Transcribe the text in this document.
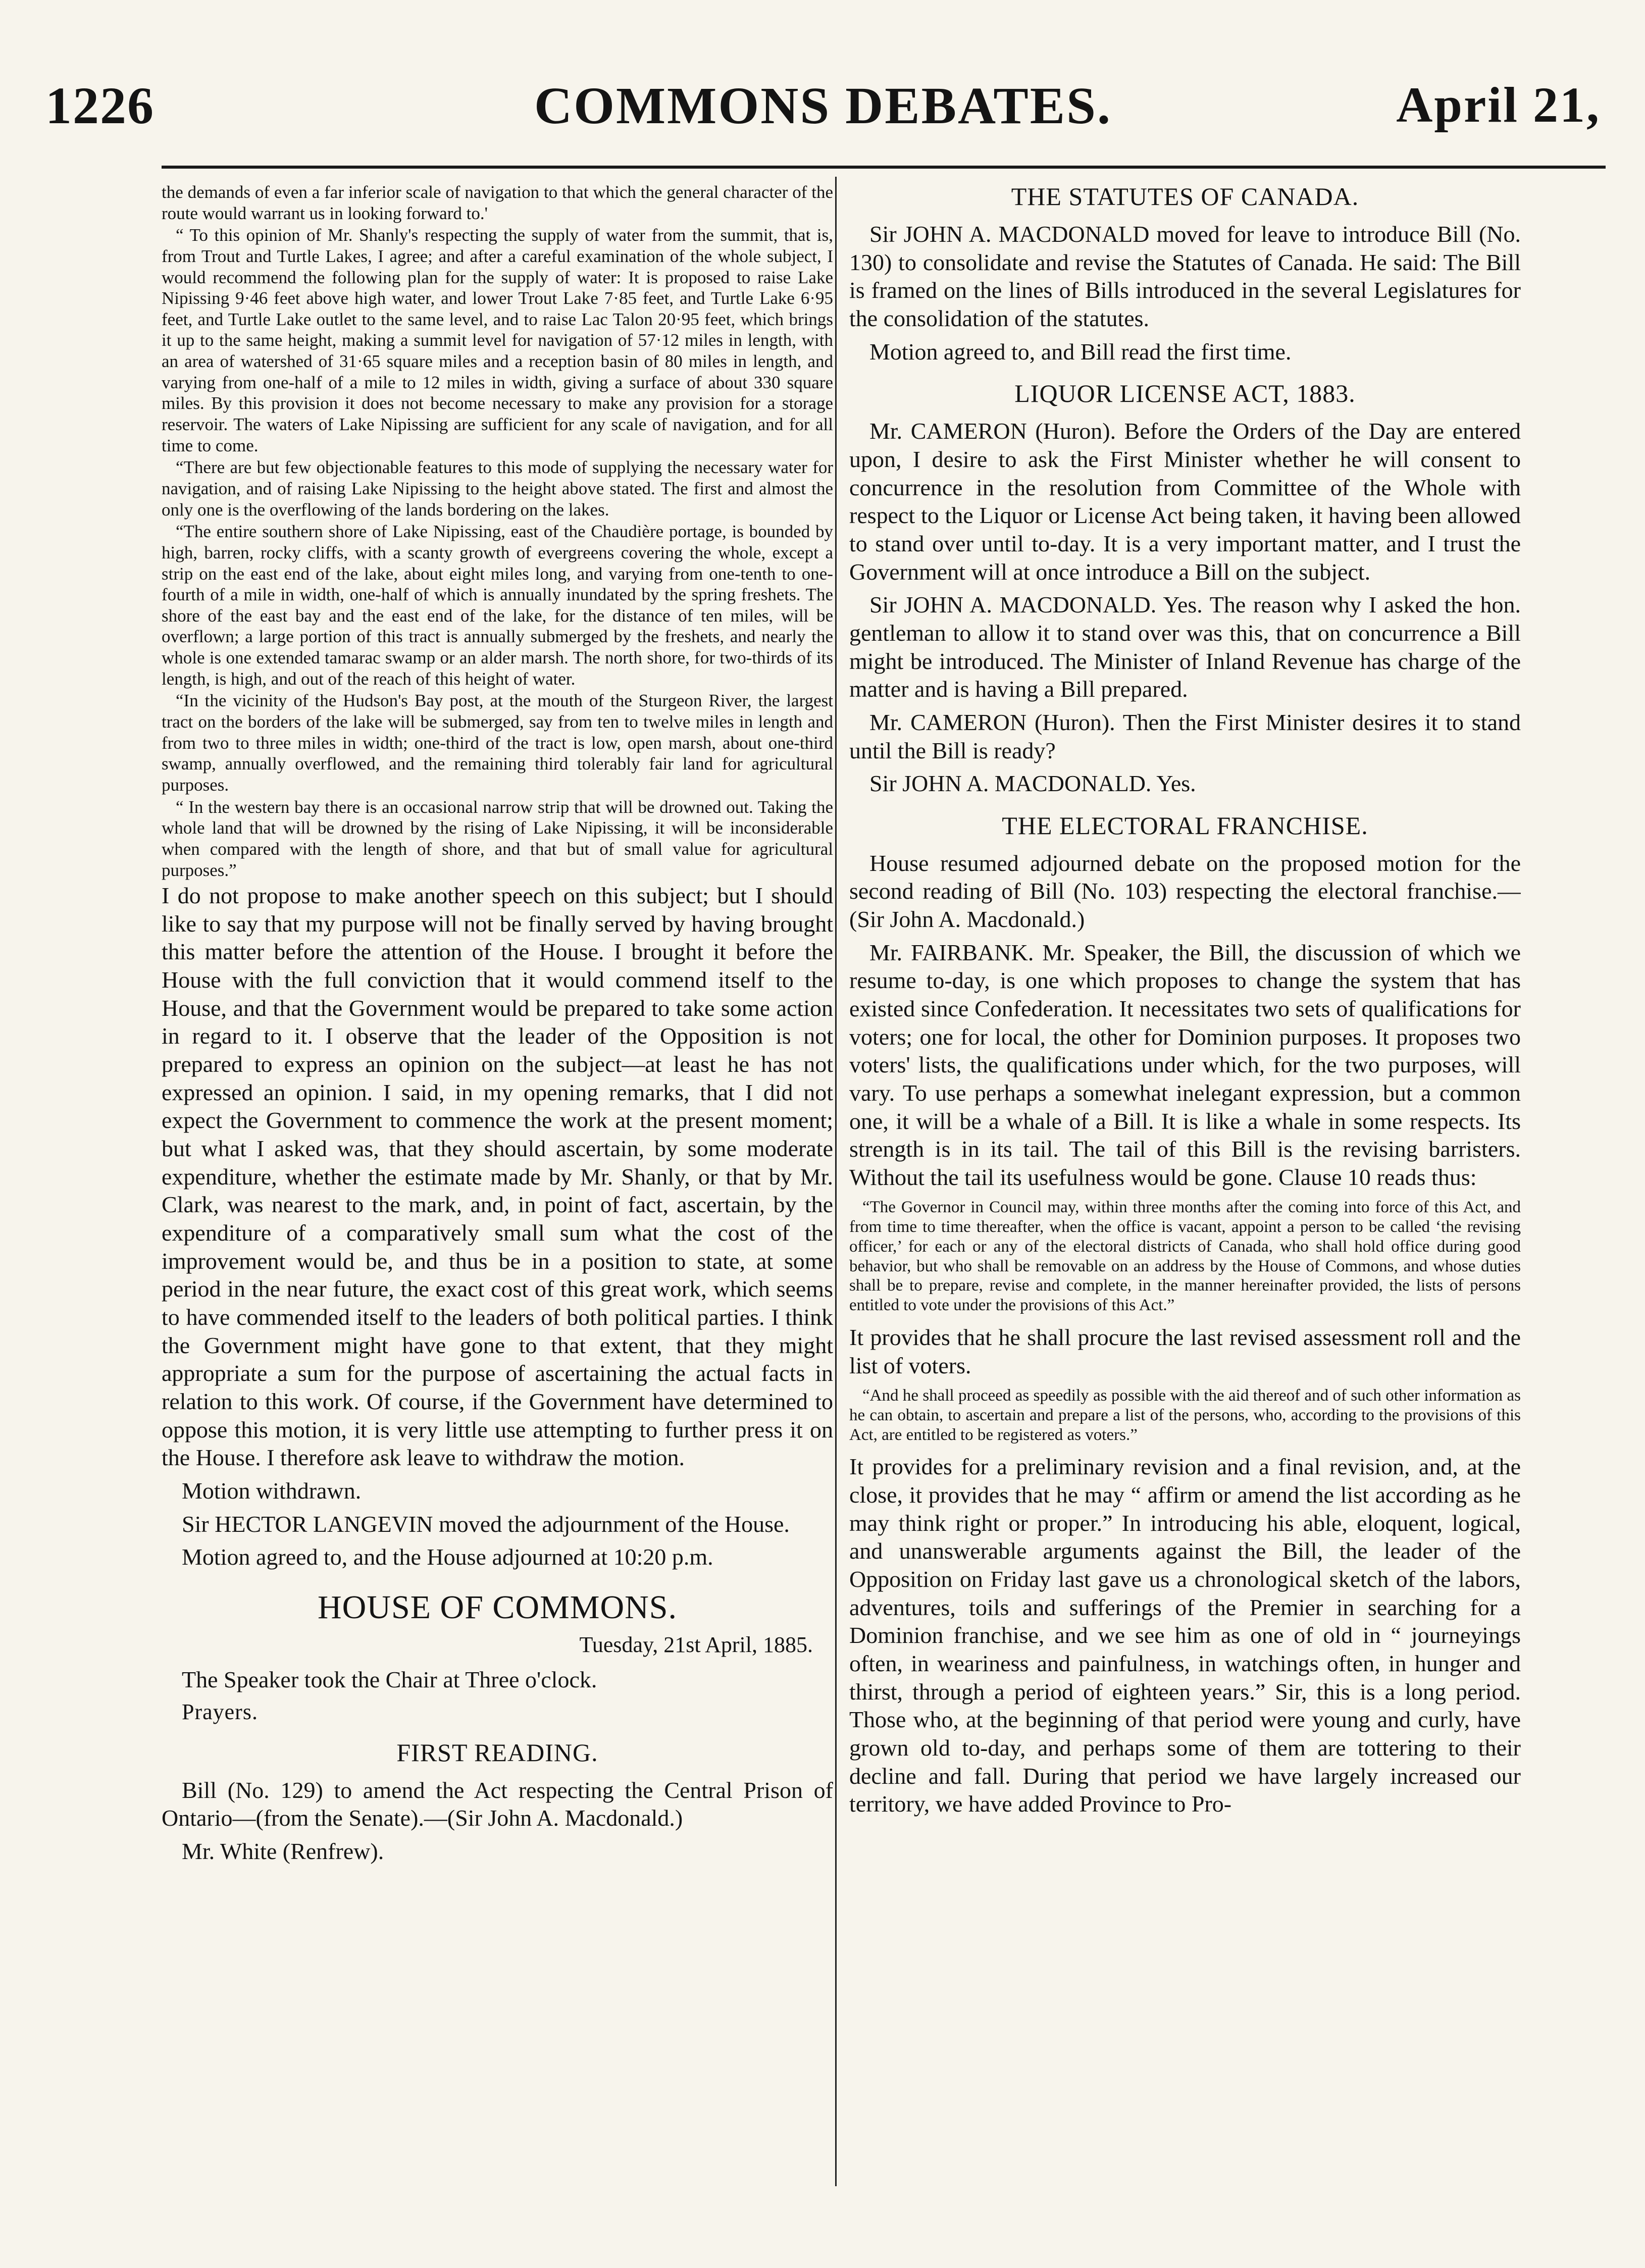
1226	COMMONS DEBATES.	April 21,

the demands of even a far inferior scale of navigation to that which the general character of the route would warrant us in looking forward to.'

“ To this opinion of Mr. Shanly's respecting the supply of water from the summit, that is, from Trout and Turtle Lakes, I agree; and after a careful examination of the whole subject, I would recommend the following plan for the supply of water: It is proposed to raise Lake Nipissing 9·46 feet above high water, and lower Trout Lake 7·85 feet, and Turtle Lake 6·95 feet, and Turtle Lake outlet to the same level, and to raise Lac Talon 20·95 feet, which brings it up to the same height, making a summit level for navigation of 57·12 miles in length, with an area of watershed of 31·65 square miles and a reception basin of 80 miles in length, and varying from one-half of a mile to 12 miles in width, giving a surface of about 330 square miles. By this provision it does not become necessary to make any provision for a storage reservoir. The waters of Lake Nipissing are sufficient for any scale of navigation, and for all time to come.

“There are but few objectionable features to this mode of supplying the necessary water for navigation, and of raising Lake Nipissing to the height above stated. The first and almost the only one is the overflowing of the lands bordering on the lakes.

“The entire southern shore of Lake Nipissing, east of the Chaudière portage, is bounded by high, barren, rocky cliffs, with a scanty growth of evergreens covering the whole, except a strip on the east end of the lake, about eight miles long, and varying from one-tenth to one-fourth of a mile in width, one-half of which is annually inundated by the spring freshets. The shore of the east bay and the east end of the lake, for the distance of ten miles, will be overflown; a large portion of this tract is annually submerged by the freshets, and nearly the whole is one extended tamarac swamp or an alder marsh. The north shore, for two-thirds of its length, is high, and out of the reach of this height of water.

“In the vicinity of the Hudson's Bay post, at the mouth of the Sturgeon River, the largest tract on the borders of the lake will be submerged, say from ten to twelve miles in length and from two to three miles in width; one-third of the tract is low, open marsh, about one-third swamp, annually overflowed, and the remaining third tolerably fair land for agricultural purposes.

“ In the western bay there is an occasional narrow strip that will be drowned out. Taking the whole land that will be drowned by the rising of Lake Nipissing, it will be inconsiderable when compared with the length of shore, and that but of small value for agricultural purposes.”

I do not propose to make another speech on this subject; but I should like to say that my purpose will not be finally served by having brought this matter before the attention of the House. I brought it before the House with the full conviction that it would commend itself to the House, and that the Government would be prepared to take some action in regard to it. I observe that the leader of the Opposition is not prepared to express an opinion on the subject—at least he has not expressed an opinion. I said, in my opening remarks, that I did not expect the Government to commence the work at the present moment; but what I asked was, that they should ascertain, by some moderate expenditure, whether the estimate made by Mr. Shanly, or that by Mr. Clark, was nearest to the mark, and, in point of fact, ascertain, by the expenditure of a comparatively small sum what the cost of the improvement would be, and thus be in a position to state, at some period in the near future, the exact cost of this great work, which seems to have commended itself to the leaders of both political parties. I think the Government might have gone to that extent, that they might appropriate a sum for the purpose of ascertaining the actual facts in relation to this work. Of course, if the Government have determined to oppose this motion, it is very little use attempting to further press it on the House. I therefore ask leave to withdraw the motion.

Motion withdrawn.

Sir HECTOR LANGEVIN moved the adjournment of the House.

Motion agreed to, and the House adjourned at 10:20 p.m.

HOUSE OF COMMONS.
Tuesday, 21st April, 1885.

The Speaker took the Chair at Three o'clock.

Prayers.
FIRST READING.

Bill (No. 129) to amend the Act respecting the Central Prison of Ontario—(from the Senate).—(Sir John A. Macdonald.)

Mr. White (Renfrew).

THE STATUTES OF CANADA.

Sir JOHN A. MACDONALD moved for leave to introduce Bill (No. 130) to consolidate and revise the Statutes of Canada. He said: The Bill is framed on the lines of Bills introduced in the several Legislatures for the consolidation of the statutes.

Motion agreed to, and Bill read the first time.

LIQUOR LICENSE ACT, 1883.

Mr. CAMERON (Huron). Before the Orders of the Day are entered upon, I desire to ask the First Minister whether he will consent to concurrence in the resolution from Committee of the Whole with respect to the Liquor or License Act being taken, it having been allowed to stand over until to-day. It is a very important matter, and I trust the Government will at once introduce a Bill on the subject.

Sir JOHN A. MACDONALD. Yes. The reason why I asked the hon. gentleman to allow it to stand over was this, that on concurrence a Bill might be introduced. The Minister of Inland Revenue has charge of the matter and is having a Bill prepared.

Mr. CAMERON (Huron). Then the First Minister desires it to stand until the Bill is ready?

Sir JOHN A. MACDONALD. Yes.

THE ELECTORAL FRANCHISE.

House resumed adjourned debate on the proposed motion for the second reading of Bill (No. 103) respecting the electoral franchise.—(Sir John A. Macdonald.)

Mr. FAIRBANK. Mr. Speaker, the Bill, the discussion of which we resume to-day, is one which proposes to change the system that has existed since Confederation. It necessitates two sets of qualifications for voters; one for local, the other for Dominion purposes. It proposes two voters' lists, the qualifications under which, for the two purposes, will vary. To use perhaps a somewhat inelegant expression, but a common one, it will be a whale of a Bill. It is like a whale in some respects. Its strength is in its tail. The tail of this Bill is the revising barristers. Without the tail its usefulness would be gone. Clause 10 reads thus:

“The Governor in Council may, within three months after the coming into force of this Act, and from time to time thereafter, when the office is vacant, appoint a person to be called ‘the revising officer,’ for each or any of the electoral districts of Canada, who shall hold office during good behavior, but who shall be removable on an address by the House of Commons, and whose duties shall be to prepare, revise and complete, in the manner hereinafter provided, the lists of persons entitled to vote under the provisions of this Act.”

It provides that he shall procure the last revised assessment roll and the list of voters.

“And he shall proceed as speedily as possible with the aid thereof and of such other information as he can obtain, to ascertain and prepare a list of the persons, who, according to the provisions of this Act, are entitled to be registered as voters.”

It provides for a preliminary revision and a final revision, and, at the close, it provides that he may “ affirm or amend the list according as he may think right or proper.” In introducing his able, eloquent, logical, and unanswerable arguments against the Bill, the leader of the Opposition on Friday last gave us a chronological sketch of the labors, adventures, toils and sufferings of the Premier in searching for a Dominion franchise, and we see him as one of old in “ journeyings often, in weariness and painfulness, in watchings often, in hunger and thirst, through a period of eighteen years.” Sir, this is a long period. Those who, at the beginning of that period were young and curly, have grown old to-day, and perhaps some of them are tottering to their decline and fall. During that period we have largely increased our territory, we have added Province to Pro-
